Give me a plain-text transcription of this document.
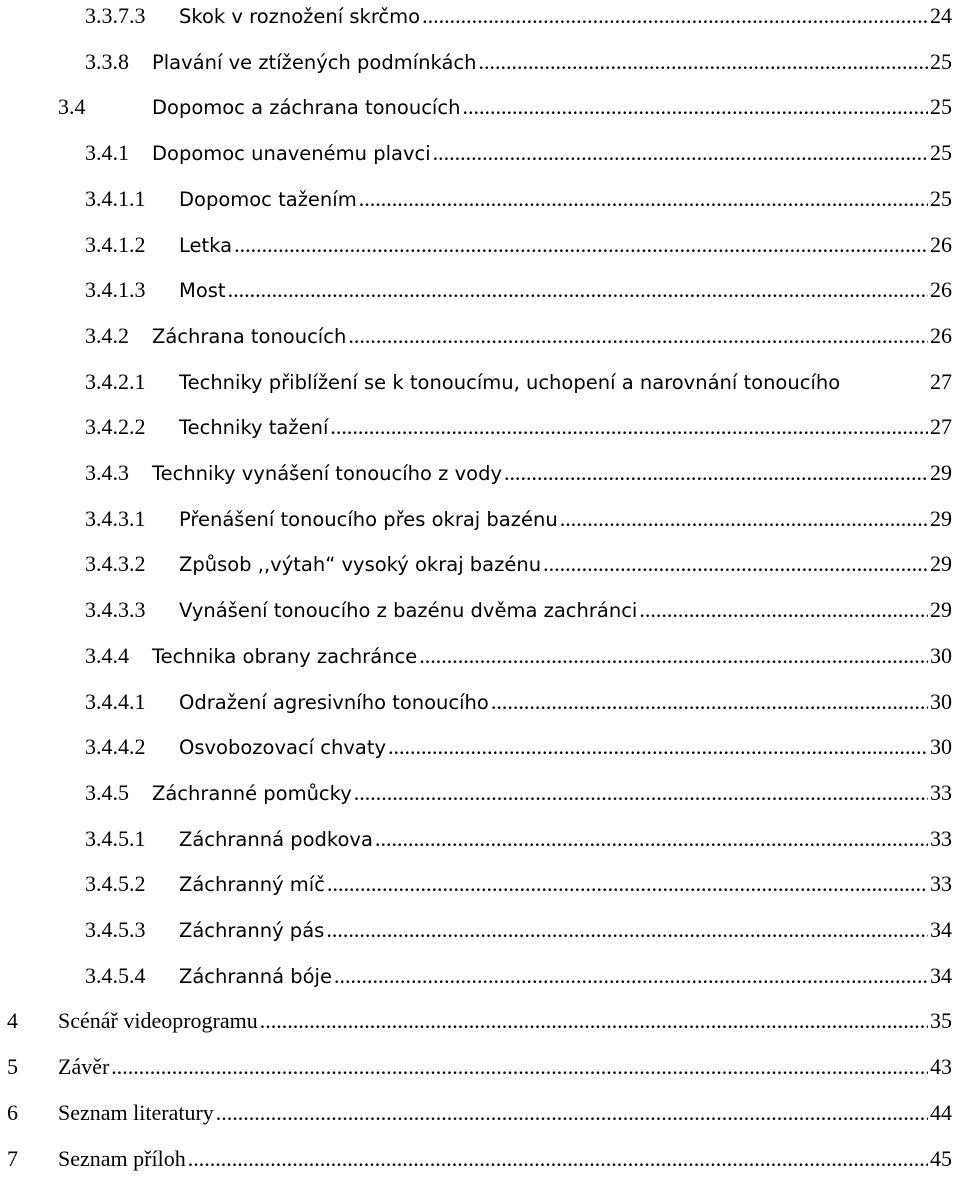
3.3.7.3	Skok v roznožení skrčmo .....	24
3.3.8	Plavání ve ztížených podmínkách .....	25
3.4	Dopomoc a záchrana tonoucích .....	25
3.4.1	Dopomoc unavenému plavci .....	25
3.4.1.1	Dopomoc tažením .....	25
3.4.1.2	Letka .....	26
3.4.1.3	Most .....	26
3.4.2	Záchrana tonoucích .....	26
3.4.2.1	Techniky přiblížení se k tonoucímu, uchopení a narovnání tonoucího	27
3.4.2.2	Techniky tažení .....	27
3.4.3	Techniky vynášení tonoucího z vody .....	29
3.4.3.1	Přenášení tonoucího přes okraj bazénu .....	29
3.4.3.2	Způsob ,,výtah“ vysoký okraj bazénu .....	29
3.4.3.3	Vynášení tonoucího z bazénu dvěma zachránci .....	29
3.4.4	Technika obrany zachránce .....	30
3.4.4.1	Odražení agresivního tonoucího .....	30
3.4.4.2	Osvobozovací chvaty .....	30
3.4.5	Záchranné pomůcky .....	33
3.4.5.1	Záchranná podkova .....	33
3.4.5.2	Záchranný míč .....	33
3.4.5.3	Záchranný pás .....	34
3.4.5.4	Záchranná bóje .....	34
4	Scénář videoprogramu .....	35
5	Závěr .....	43
6	Seznam literatury .....	44
7	Seznam příloh .....	45
